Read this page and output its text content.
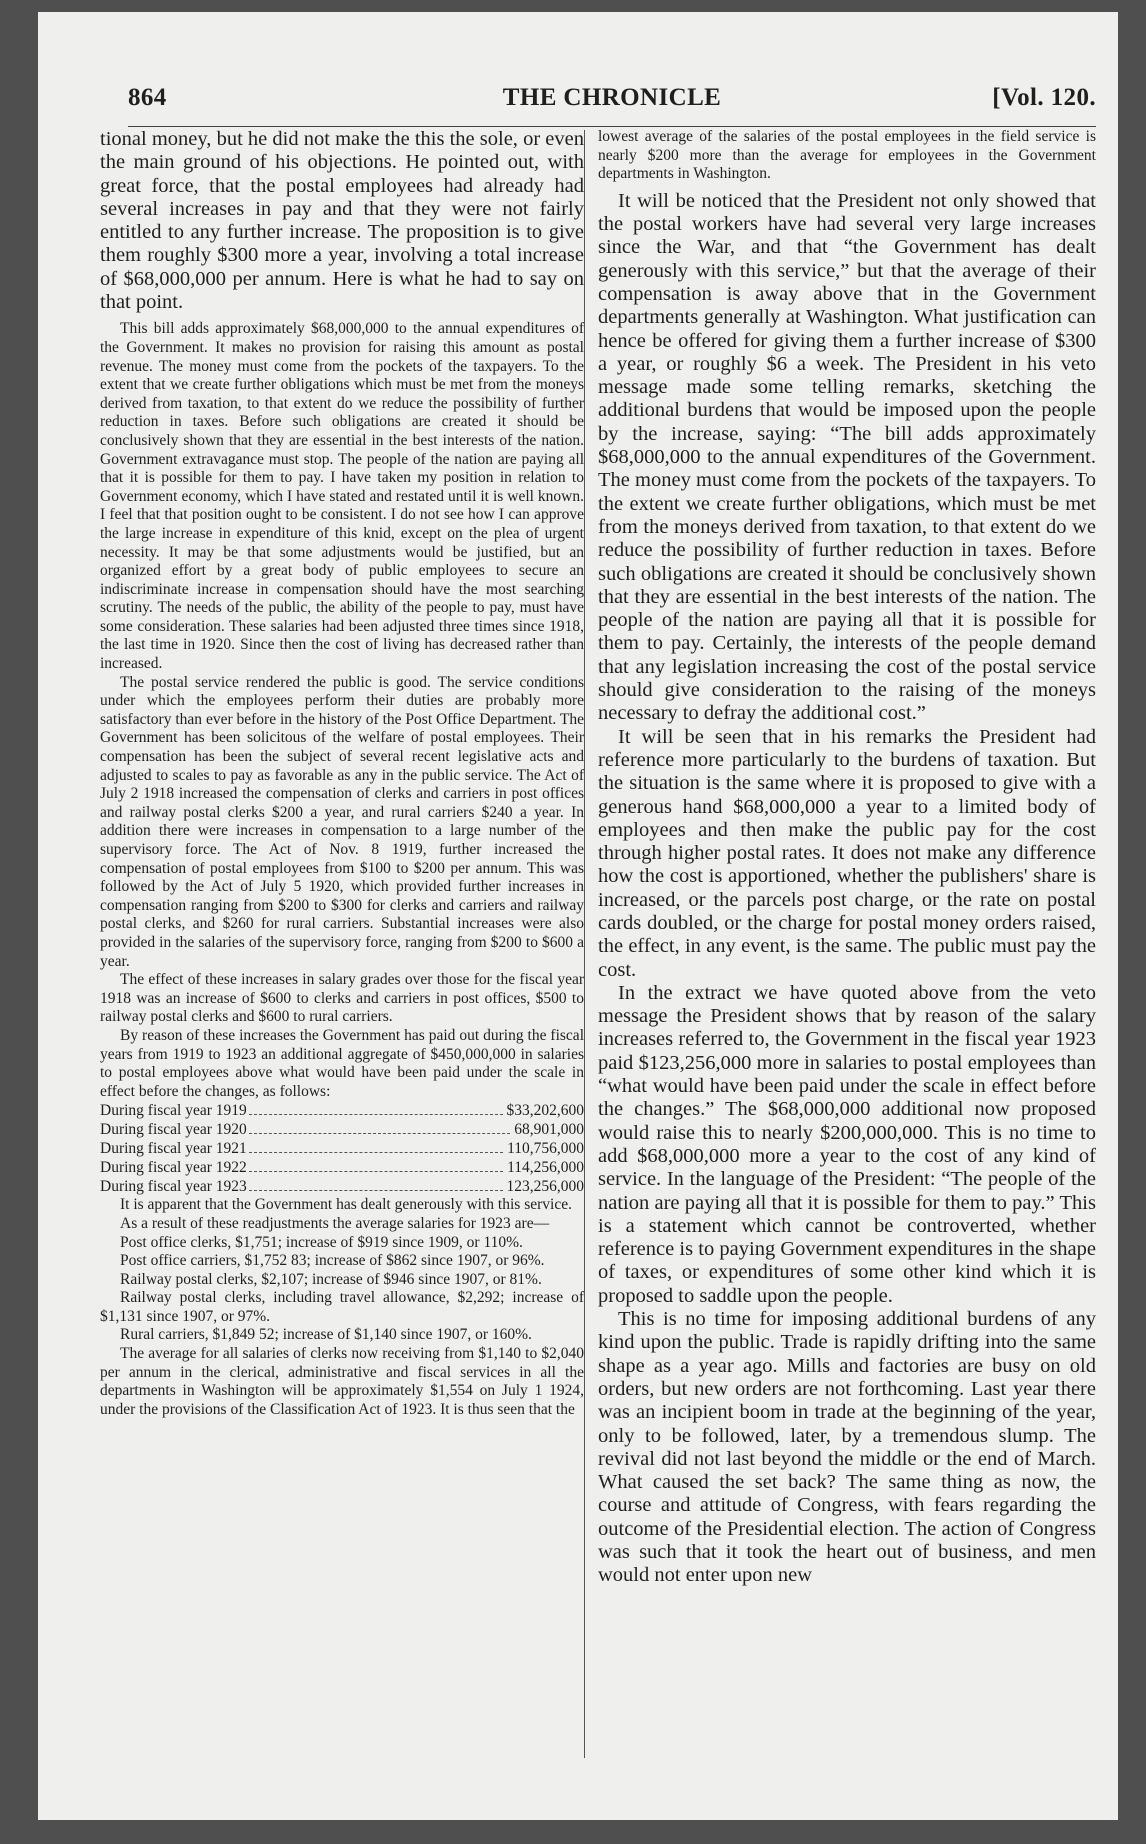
864	THE CHRONICLE	[Vol. 120.

tional money, but he did not make the this the sole, or even the main ground of his objections. He pointed out, with great force, that the postal employees had already had several increases in pay and that they were not fairly entitled to any further increase. The proposition is to give them roughly $300 more a year, involving a total increase of $68,000,000 per annum. Here is what he had to say on that point.

This bill adds approximately $68,000,000 to the annual expenditures of the Government. It makes no provision for raising this amount as postal revenue. The money must come from the pockets of the taxpayers. To the extent that we create further obligations which must be met from the moneys derived from taxation, to that extent do we reduce the possibility of further reduction in taxes. Before such obligations are created it should be conclusively shown that they are essential in the best interests of the nation. Government extravagance must stop. The people of the nation are paying all that it is possible for them to pay. I have taken my position in relation to Government economy, which I have stated and restated until it is well known. I feel that that position ought to be consistent. I do not see how I can approve the large increase in expenditure of this knid, except on the plea of urgent necessity. It may be that some adjustments would be justified, but an organized effort by a great body of public employees to secure an indiscriminate increase in compensation should have the most searching scrutiny. The needs of the public, the ability of the people to pay, must have some consideration. These salaries had been adjusted three times since 1918, the last time in 1920. Since then the cost of living has decreased rather than increased.

The postal service rendered the public is good. The service conditions under which the employees perform their duties are probably more satisfactory than ever before in the history of the Post Office Department. The Government has been solicitous of the welfare of postal employees. Their compensation has been the subject of several recent legislative acts and adjusted to scales to pay as favorable as any in the public service. The Act of July 2 1918 increased the compensation of clerks and carriers in post offices and railway postal clerks $200 a year, and rural carriers $240 a year. In addition there were increases in compensation to a large number of the supervisory force. The Act of Nov. 8 1919, further increased the compensation of postal employees from $100 to $200 per annum. This was followed by the Act of July 5 1920, which provided further increases in compensation ranging from $200 to $300 for clerks and carriers and railway postal clerks, and $260 for rural carriers. Substantial increases were also provided in the salaries of the supervisory force, ranging from $200 to $600 a year.

The effect of these increases in salary grades over those for the fiscal year 1918 was an increase of $600 to clerks and carriers in post offices, $500 to railway postal clerks and $600 to rural carriers.

By reason of these increases the Government has paid out during the fiscal years from 1919 to 1923 an additional aggregate of $450,000,000 in salaries to postal employees above what would have been paid under the scale in effect before the changes, as follows:

During fiscal year 1919	$33,202,600
During fiscal year 1920	68,901,000
During fiscal year 1921	110,756,000
During fiscal year 1922	114,256,000
During fiscal year 1923	123,256,000

It is apparent that the Government has dealt generously with this service.

As a result of these readjustments the average salaries for 1923 are—

Post office clerks, $1,751; increase of $919 since 1909, or 110%.

Post office carriers, $1,752 83; increase of $862 since 1907, or 96%.

Railway postal clerks, $2,107; increase of $946 since 1907, or 81%.

Railway postal clerks, including travel allowance, $2,292; increase of $1,131 since 1907, or 97%.

Rural carriers, $1,849 52; increase of $1,140 since 1907, or 160%.

The average for all salaries of clerks now receiving from $1,140 to $2,040 per annum in the clerical, administrative and fiscal services in all the departments in Washington will be approximately $1,554 on July 1 1924, under the provisions of the Classification Act of 1923. It is thus seen that the

lowest average of the salaries of the postal employees in the field service is nearly $200 more than the average for employees in the Government departments in Washington.

It will be noticed that the President not only showed that the postal workers have had several very large increases since the War, and that “the Government has dealt generously with this service,” but that the average of their compensation is away above that in the Government departments generally at Washington. What justification can hence be offered for giving them a further increase of $300 a year, or roughly $6 a week. The President in his veto message made some telling remarks, sketching the additional burdens that would be imposed upon the people by the increase, saying: “The bill adds approximately $68,000,000 to the annual expenditures of the Government. The money must come from the pockets of the taxpayers. To the extent we create further obligations, which must be met from the moneys derived from taxation, to that extent do we reduce the possibility of further reduction in taxes. Before such obligations are created it should be conclusively shown that they are essential in the best interests of the nation. The people of the nation are paying all that it is possible for them to pay. Certainly, the interests of the people demand that any legislation increasing the cost of the postal service should give consideration to the raising of the moneys necessary to defray the additional cost.”

It will be seen that in his remarks the President had reference more particularly to the burdens of taxation. But the situation is the same where it is proposed to give with a generous hand $68,000,000 a year to a limited body of employees and then make the public pay for the cost through higher postal rates. It does not make any difference how the cost is apportioned, whether the publishers' share is increased, or the parcels post charge, or the rate on postal cards doubled, or the charge for postal money orders raised, the effect, in any event, is the same. The public must pay the cost.

In the extract we have quoted above from the veto message the President shows that by reason of the salary increases referred to, the Government in the fiscal year 1923 paid $123,256,000 more in salaries to postal employees than “what would have been paid under the scale in effect before the changes.” The $68,000,000 additional now proposed would raise this to nearly $200,000,000. This is no time to add $68,000,000 more a year to the cost of any kind of service. In the language of the President: “The people of the nation are paying all that it is possible for them to pay.” This is a statement which cannot be controverted, whether reference is to paying Government expenditures in the shape of taxes, or expenditures of some other kind which it is proposed to saddle upon the people.

This is no time for imposing additional burdens of any kind upon the public. Trade is rapidly drifting into the same shape as a year ago. Mills and factories are busy on old orders, but new orders are not forthcoming. Last year there was an incipient boom in trade at the beginning of the year, only to be followed, later, by a tremendous slump. The revival did not last beyond the middle or the end of March. What caused the set back? The same thing as now, the course and attitude of Congress, with fears regarding the outcome of the Presidential election. The action of Congress was such that it took the heart out of business, and men would not enter upon new
